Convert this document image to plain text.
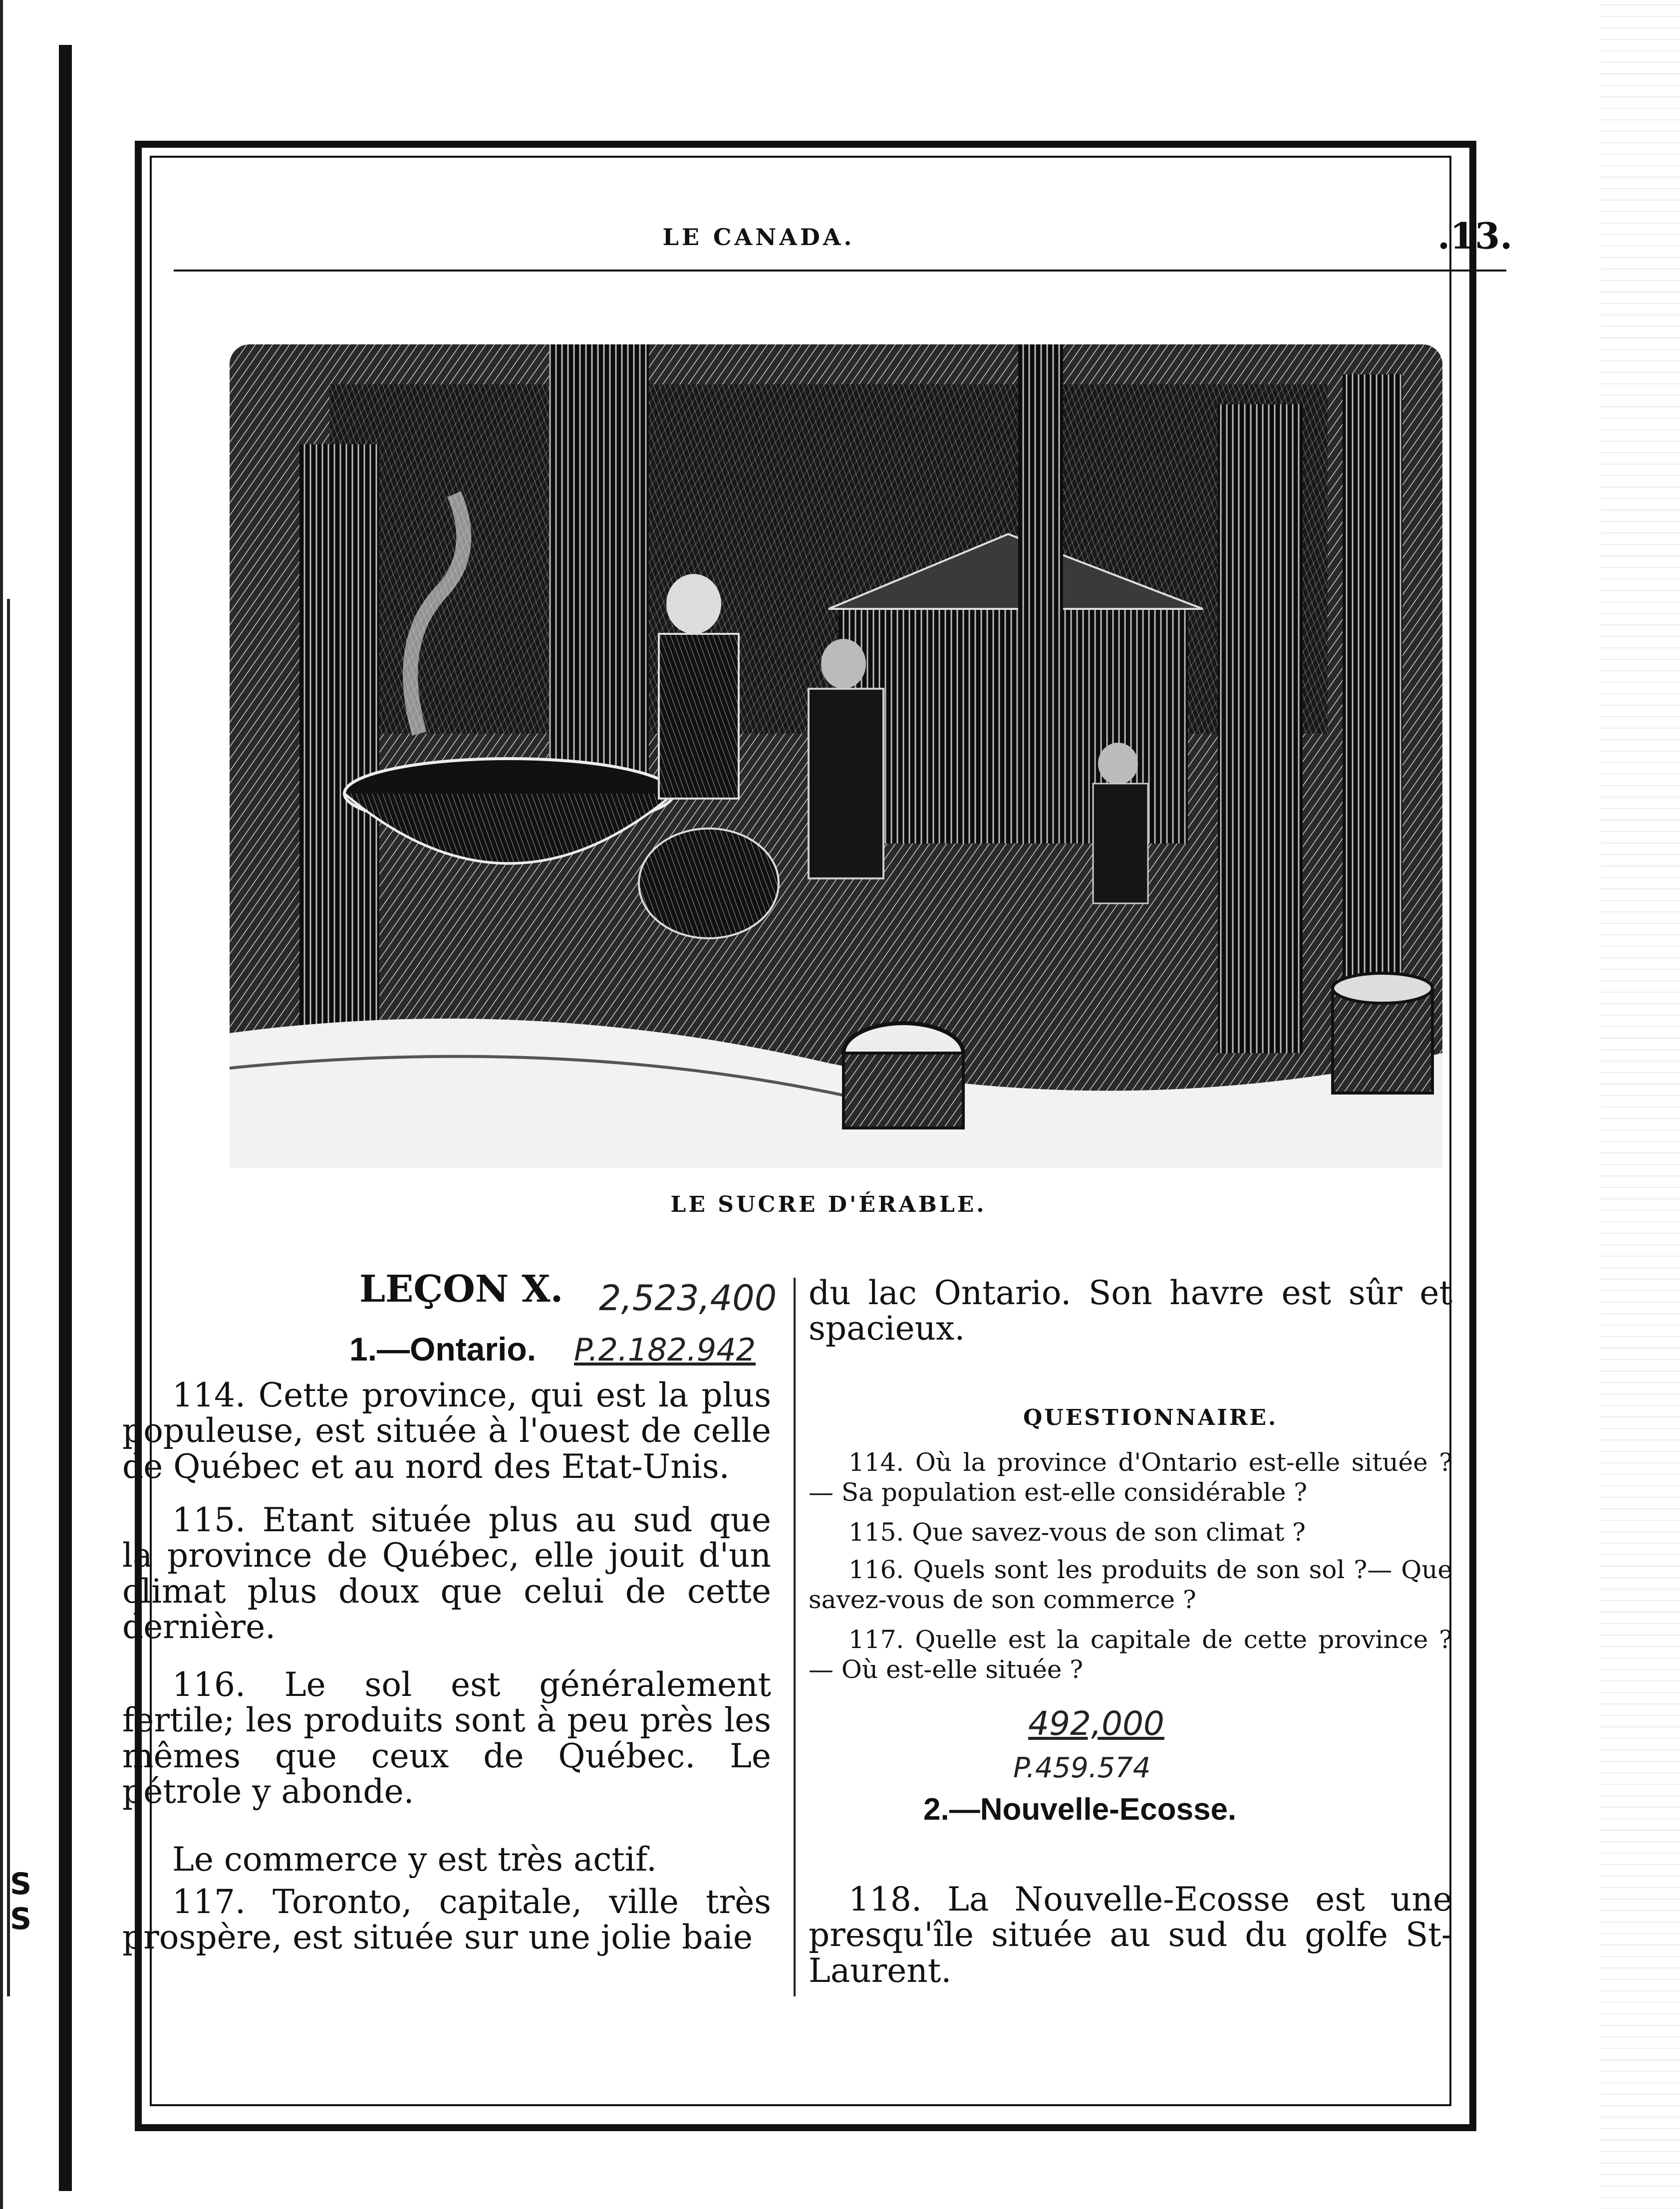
S
S
LE CANADA.	.13.
LE SUCRE D'ÉRABLE.
LEÇON X. 2,523,400
1.—Ontario. P.2.182.942
114. Cette province, qui est la plus populeuse, est située à l'ouest de celle de Québec et au nord des Etat-Unis.
115. Etant située plus au sud que la province de Québec, elle jouit d'un climat plus doux que celui de cette dernière.
116. Le sol est généralement fertile; les produits sont à peu près les mêmes que ceux de Québec. Le pétrole y abonde.
Le commerce y est très actif.
117. Toronto, capitale, ville très prospère, est située sur une jolie baie
du lac Ontario. Son havre est sûr et spacieux.
QUESTIONNAIRE.
114. Où la province d'Ontario est-elle située ?— Sa population est-elle considérable ?
115. Que savez-vous de son climat ?
116. Quels sont les produits de son sol ?— Que savez-vous de son commerce ?
117. Quelle est la capitale de cette province ?— Où est-elle située ?
492,000
P.459.574
2.—Nouvelle-Ecosse.
118. La Nouvelle-Ecosse est une presqu'île située au sud du golfe St-Laurent.
